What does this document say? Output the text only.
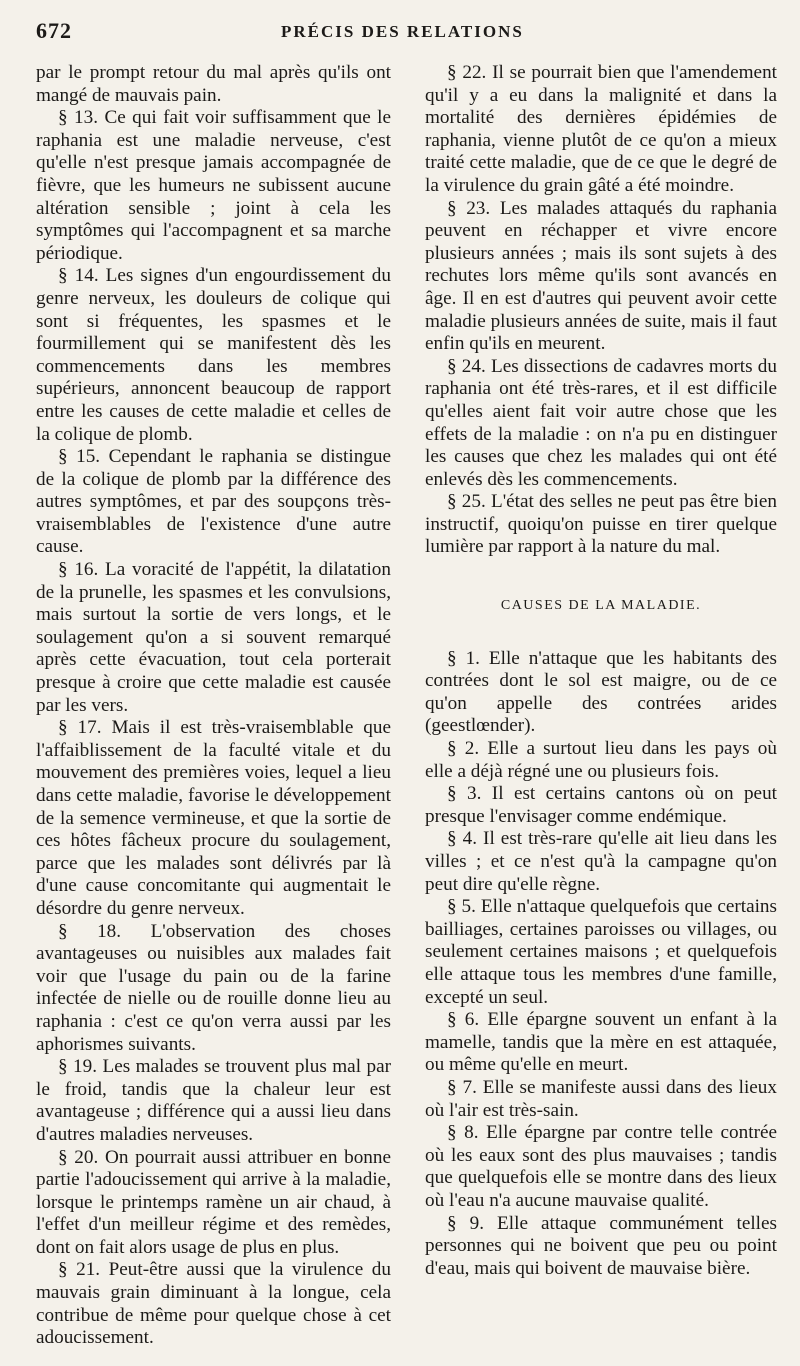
672	PRÉCIS DES RELATIONS

par le prompt retour du mal après qu'ils ont mangé de mauvais pain.

§ 13. Ce qui fait voir suffisamment que le raphania est une maladie nerveuse, c'est qu'elle n'est presque jamais accompagnée de fièvre, que les humeurs ne subissent aucune altération sensible ; joint à cela les symptômes qui l'accompagnent et sa marche périodique.

§ 14. Les signes d'un engourdissement du genre nerveux, les douleurs de colique qui sont si fréquentes, les spasmes et le fourmillement qui se manifestent dès les commencements dans les membres supérieurs, annoncent beaucoup de rapport entre les causes de cette maladie et celles de la colique de plomb.

§ 15. Cependant le raphania se distingue de la colique de plomb par la différence des autres symptômes, et par des soupçons très-vraisemblables de l'existence d'une autre cause.

§ 16. La voracité de l'appétit, la dilatation de la prunelle, les spasmes et les convulsions, mais surtout la sortie de vers longs, et le soulagement qu'on a si souvent remarqué après cette évacuation, tout cela porterait presque à croire que cette maladie est causée par les vers.

§ 17. Mais il est très-vraisemblable que l'affaiblissement de la faculté vitale et du mouvement des premières voies, lequel a lieu dans cette maladie, favorise le développement de la semence vermineuse, et que la sortie de ces hôtes fâcheux procure du soulagement, parce que les malades sont délivrés par là d'une cause concomitante qui augmentait le désordre du genre nerveux.

§ 18. L'observation des choses avantageuses ou nuisibles aux malades fait voir que l'usage du pain ou de la farine infectée de nielle ou de rouille donne lieu au raphania : c'est ce qu'on verra aussi par les aphorismes suivants.

§ 19. Les malades se trouvent plus mal par le froid, tandis que la chaleur leur est avantageuse ; différence qui a aussi lieu dans d'autres maladies nerveuses.

§ 20. On pourrait aussi attribuer en bonne partie l'adoucissement qui arrive à la maladie, lorsque le printemps ramène un air chaud, à l'effet d'un meilleur régime et des remèdes, dont on fait alors usage de plus en plus.

§ 21. Peut-être aussi que la virulence du mauvais grain diminuant à la longue, cela contribue de même pour quelque chose à cet adoucissement.

§ 22. Il se pourrait bien que l'amendement qu'il y a eu dans la malignité et dans la mortalité des dernières épidémies de raphania, vienne plutôt de ce qu'on a mieux traité cette maladie, que de ce que le degré de la virulence du grain gâté a été moindre.

§ 23. Les malades attaqués du raphania peuvent en réchapper et vivre encore plusieurs années ; mais ils sont sujets à des rechutes lors même qu'ils sont avancés en âge. Il en est d'autres qui peuvent avoir cette maladie plusieurs années de suite, mais il faut enfin qu'ils en meurent.

§ 24. Les dissections de cadavres morts du raphania ont été très-rares, et il est difficile qu'elles aient fait voir autre chose que les effets de la maladie : on n'a pu en distinguer les causes que chez les malades qui ont été enlevés dès les commencements.

§ 25. L'état des selles ne peut pas être bien instructif, quoiqu'on puisse en tirer quelque lumière par rapport à la nature du mal.

CAUSES DE LA MALADIE.

§ 1. Elle n'attaque que les habitants des contrées dont le sol est maigre, ou de ce qu'on appelle des contrées arides (geestlœnder).

§ 2. Elle a surtout lieu dans les pays où elle a déjà régné une ou plusieurs fois.

§ 3. Il est certains cantons où on peut presque l'envisager comme endémique.

§ 4. Il est très-rare qu'elle ait lieu dans les villes ; et ce n'est qu'à la campagne qu'on peut dire qu'elle règne.

§ 5. Elle n'attaque quelquefois que certains bailliages, certaines paroisses ou villages, ou seulement certaines maisons ; et quelquefois elle attaque tous les membres d'une famille, excepté un seul.

§ 6. Elle épargne souvent un enfant à la mamelle, tandis que la mère en est attaquée, ou même qu'elle en meurt.

§ 7. Elle se manifeste aussi dans des lieux où l'air est très-sain.

§ 8. Elle épargne par contre telle contrée où les eaux sont des plus mauvaises ; tandis que quelquefois elle se montre dans des lieux où l'eau n'a aucune mauvaise qualité.

§ 9. Elle attaque communément telles personnes qui ne boivent que peu ou point d'eau, mais qui boivent de mauvaise bière.
